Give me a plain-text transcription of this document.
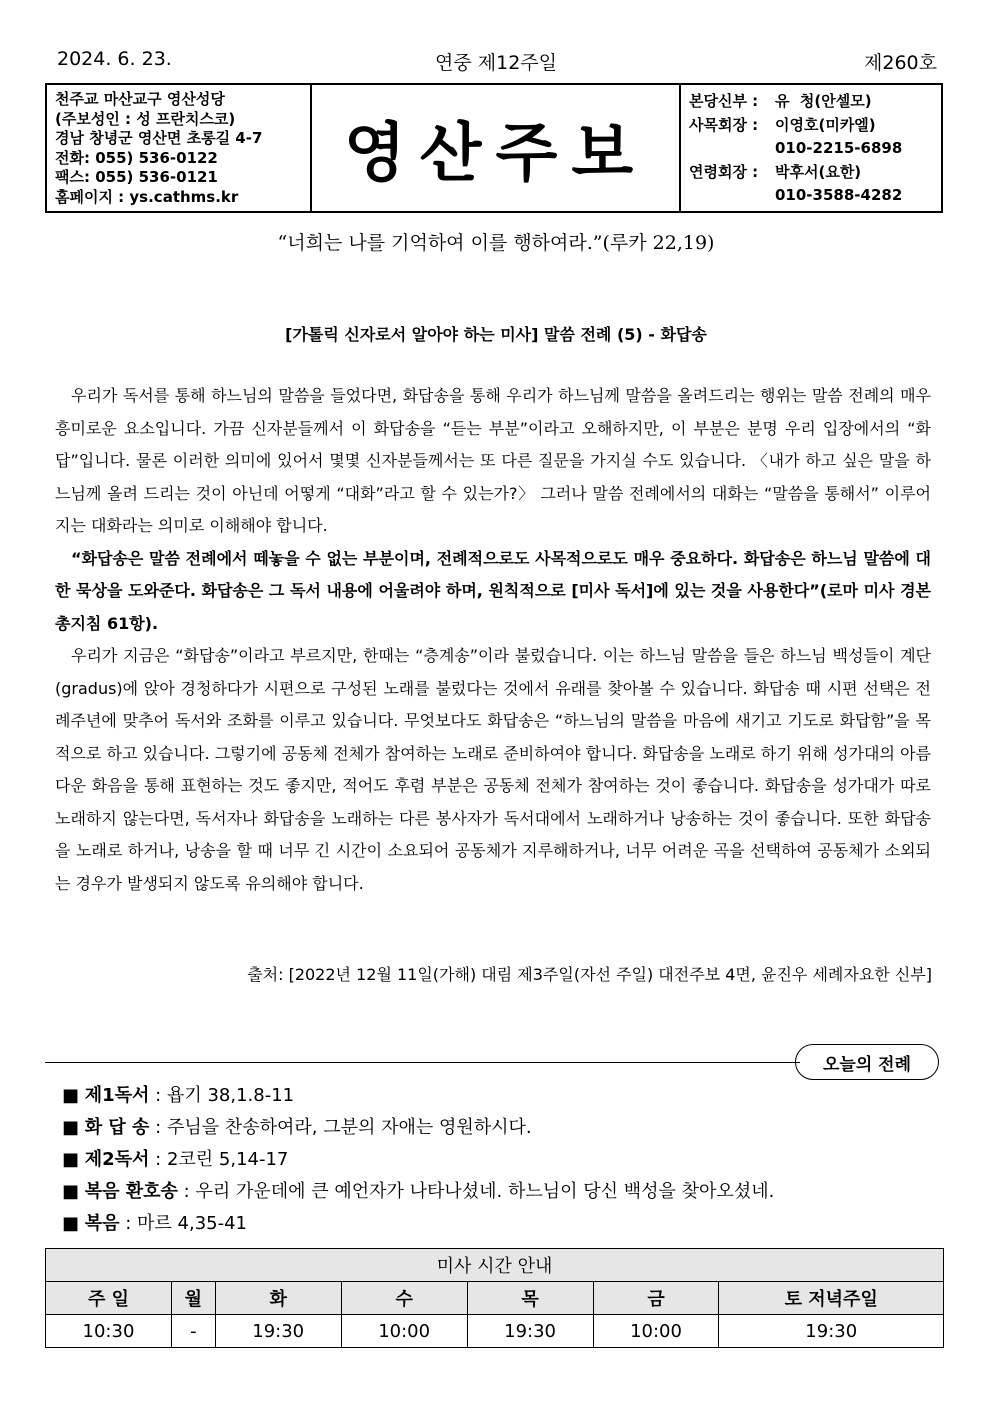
2024. 6. 23.	연중 제12주일	제260호
천주교 마산교구 영산성당
(주보성인 : 성 프란치스코)
경남 창녕군 영산면 초롱길 4-7
전화: 055) 536-0122
팩스: 055) 536-0121
홈페이지 : ys.cathms.kr
영산주보
본당신부 :	유  청(안셀모)
사목회장 :	이영호(미카엘)
010-2215-6898
연령회장 :	박후서(요한)
010-3588-4282
“너희는 나를 기억하여 이를 행하여라.”(루카 22,19)
[가톨릭 신자로서 알아야 하는 미사] 말씀 전례 (5) - 화답송

우리가 독서를 통해 하느님의 말씀을 들었다면, 화답송을 통해 우리가 하느님께 말씀을 올려드리는 행위는 말씀 전례의 매우 흥미로운 요소입니다. 가끔 신자분들께서 이 화답송을 “듣는 부분”이라고 오해하지만, 이 부분은 분명 우리 입장에서의 “화답”입니다. 물론 이러한 의미에 있어서 몇몇 신자분들께서는 또 다른 질문을 가지실 수도 있습니다. 〈내가 하고 싶은 말을 하느님께 올려 드리는 것이 아닌데 어떻게 “대화”라고 할 수 있는가?〉 그러나 말씀 전례에서의 대화는 “말씀을 통해서” 이루어지는 대화라는 의미로 이해해야 합니다.

“화답송은 말씀 전례에서 떼놓을 수 없는 부분이며, 전례적으로도 사목적으로도 매우 중요하다. 화답송은 하느님 말씀에 대한 묵상을 도와준다. 화답송은 그 독서 내용에 어울려야 하며, 원칙적으로 [미사 독서]에 있는 것을 사용한다”(로마 미사 경본 총지침 61항).

우리가 지금은 “화답송”이라고 부르지만, 한때는 “층계송”이라 불렀습니다. 이는 하느님 말씀을 들은 하느님 백성들이 계단(gradus)에 앉아 경청하다가 시편으로 구성된 노래를 불렀다는 것에서 유래를 찾아볼 수 있습니다. 화답송 때 시편 선택은 전례주년에 맞추어 독서와 조화를 이루고 있습니다. 무엇보다도 화답송은 “하느님의 말씀을 마음에 새기고 기도로 화답함”을 목적으로 하고 있습니다. 그렇기에 공동체 전체가 참여하는 노래로 준비하여야 합니다. 화답송을 노래로 하기 위해 성가대의 아름다운 화음을 통해 표현하는 것도 좋지만, 적어도 후렴 부분은 공동체 전체가 참여하는 것이 좋습니다. 화답송을 성가대가 따로 노래하지 않는다면, 독서자나 화답송을 노래하는 다른 봉사자가 독서대에서 노래하거나 낭송하는 것이 좋습니다. 또한 화답송을 노래로 하거나, 낭송을 할 때 너무 긴 시간이 소요되어 공동체가 지루해하거나, 너무 어려운 곡을 선택하여 공동체가 소외되는 경우가 발생되지 않도록 유의해야 합니다.

출처: [2022년 12월 11일(가해) 대림 제3주일(자선 주일) 대전주보 4면, 윤진우 세례자요한 신부]
오늘의 전례
■ 제1독서 : 욥기 38,1.8-11
■ 화 답 송 : 주님을 찬송하여라, 그분의 자애는 영원하시다.
■ 제2독서 : 2코린 5,14-17
■ 복음 환호송 : 우리 가운데에 큰 예언자가 나타나셨네. 하느님이 당신 백성을 찾아오셨네.
■ 복음 : 마르 4,35-41
미사 시간 안내						
주 일	월	화	수	목	금	토 저녁주일
10:30	-	19:30	10:00	19:30	10:00	19:30
